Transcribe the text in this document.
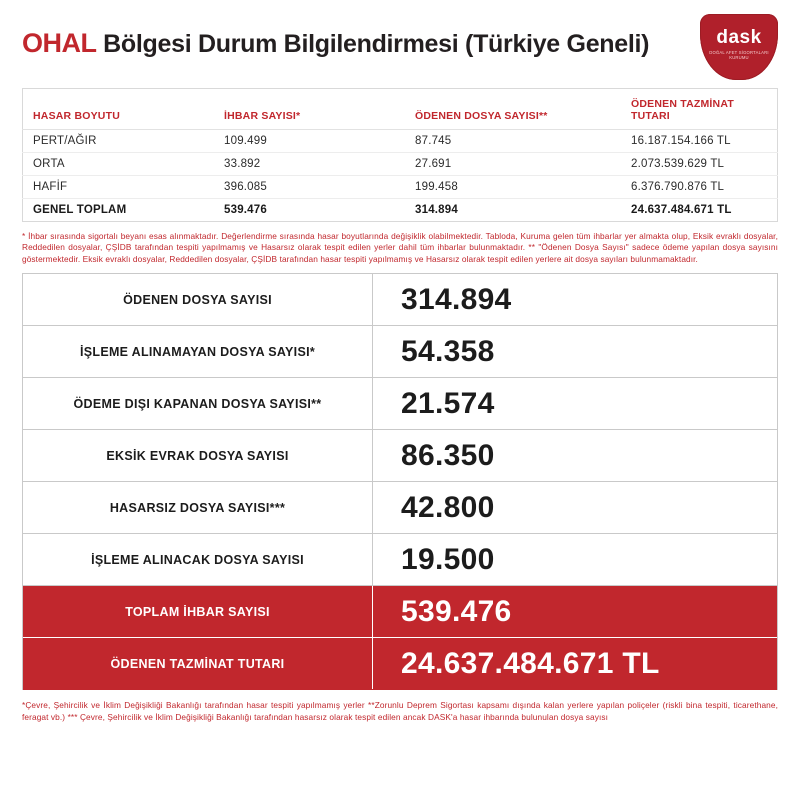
OHAL Bölgesi Durum Bilgilendirmesi (Türkiye Geneli)	dask
DOĞAL AFET SİGORTALARI KURUMU
HASAR BOYUTU	İHBAR SAYISI*	ÖDENEN DOSYA SAYISI**	ÖDENEN TAZMİNAT TUTARI
PERT/AĞIR	109.499	87.745	16.187.154.166 TL
ORTA	33.892	27.691	2.073.539.629 TL
HAFİF	396.085	199.458	6.376.790.876 TL
GENEL TOPLAM	539.476	314.894	24.637.484.671 TL
* İhbar sırasında sigortalı beyanı esas alınmaktadır. Değerlendirme sırasında hasar boyutlarında değişiklik olabilmektedir. Tabloda, Kuruma gelen tüm ihbarlar yer almakta olup, Eksik evraklı dosyalar, Reddedilen dosyalar, ÇŞİDB tarafından tespiti yapılmamış ve Hasarsız olarak tespit edilen yerler dahil tüm ihbarlar bulunmaktadır. ** "Ödenen Dosya Sayısı" sadece ödeme yapılan dosya sayısını göstermektedir. Eksik evraklı dosyalar, Reddedilen dosyalar, ÇŞİDB tarafından hasar tespiti yapılmamış ve Hasarsız olarak tespit edilen yerlere ait dosya sayıları bulunmamaktadır.
ÖDENEN DOSYA SAYISI	314.894
İŞLEME ALINAMAYAN DOSYA SAYISI*	54.358
ÖDEME DIŞI KAPANAN DOSYA SAYISI**	21.574
EKSİK EVRAK DOSYA SAYISI	86.350
HASARSIZ DOSYA SAYISI***	42.800
İŞLEME ALINACAK DOSYA SAYISI	19.500
TOPLAM İHBAR SAYISI	539.476
ÖDENEN TAZMİNAT TUTARI	24.637.484.671 TL
*Çevre, Şehircilik ve İklim Değişikliği Bakanlığı tarafından hasar tespiti yapılmamış yerler **Zorunlu Deprem Sigortası kapsamı dışında kalan yerlere yapılan poliçeler (riskli bina tespiti, ticarethane, feragat vb.) *** Çevre, Şehircilik ve İklim Değişikliği Bakanlığı tarafından hasarsız olarak tespit edilen ancak DASK'a hasar ihbarında bulunulan dosya sayısı
